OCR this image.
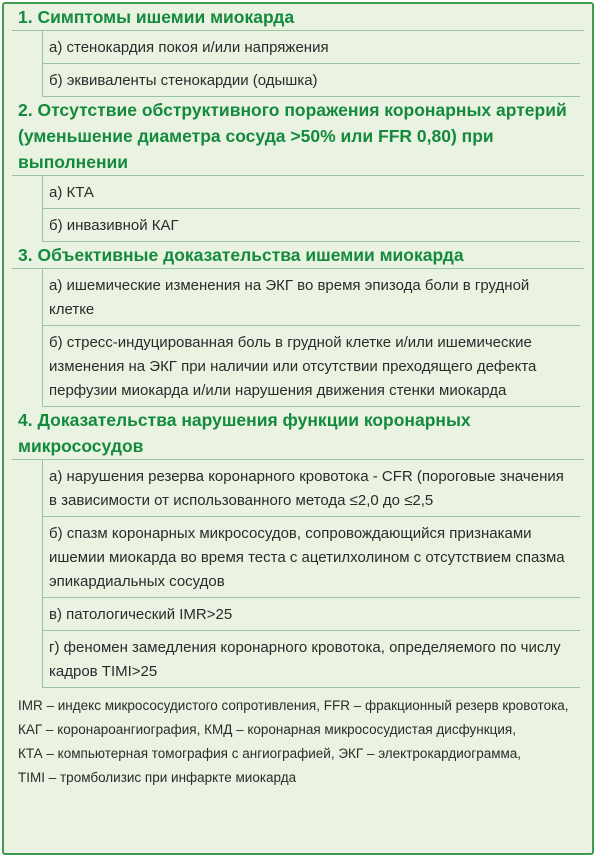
1. Симптомы ишемии миокарда
а) стенокардия покоя и/или напряжения
б) эквиваленты стенокардии (одышка)
2. Отсутствие обструктивного поражения коронарных артерий (уменьшение диаметра сосуда >50% или FFR 0,80) при выполнении
а) КТА
б) инвазивной КАГ
3. Объективные доказательства ишемии миокарда
а) ишемические изменения на ЭКГ во время эпизода боли в грудной клетке
б) стресс-индуцированная боль в грудной клетке и/или ишемические изменения на ЭКГ при наличии или отсутствии преходящего дефекта перфузии миокарда и/или нарушения движения стенки миокарда
4. Доказательства нарушения функции коронарных микрососудов
а) нарушения резерва коронарного кровотока - CFR (пороговые значения в зависимости от использованного метода ≤2,0 до ≤2,5
б) спазм коронарных микрососудов, сопровождающийся признаками ишемии миокарда во время теста с ацетилхолином с отсутствием спазма эпикардиальных сосудов
в) патологический IMR>25
г) феномен замедления коронарного кровотока, определяемого по числу кадров TIMI>25
IMR – индекс микрососудистого сопротивления, FFR – фракционный резерв кровотока,
КАГ – коронароангиография, КМД – коронарная микрососудистая дисфункция,
КТА – компьютерная томография с ангиографией, ЭКГ – электрокардиограмма,
TIMI – тромболизис при инфаркте миокарда
